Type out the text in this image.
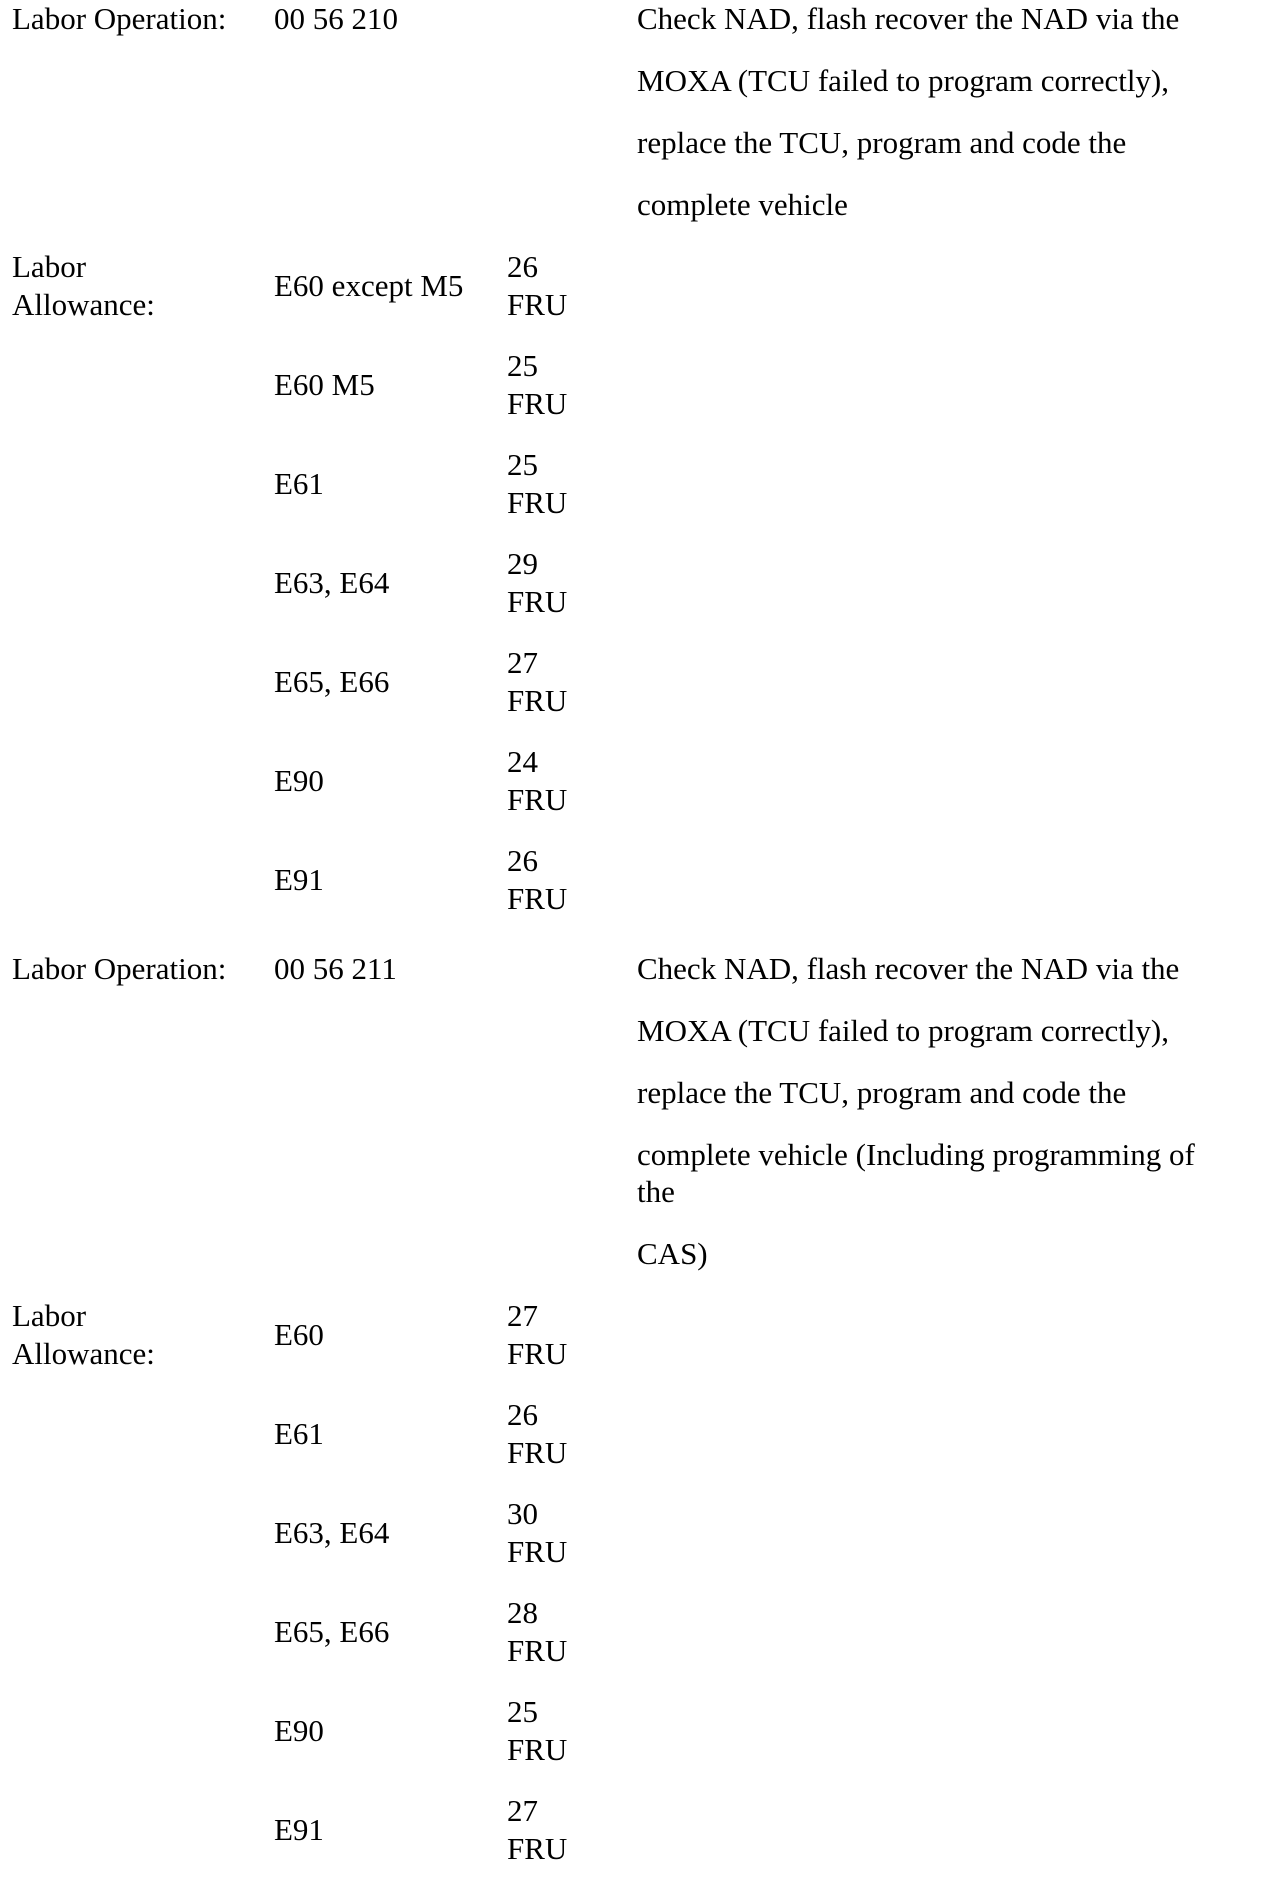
Labor Operation: 00 56 210	Check NAD, flash recover the NAD via the
MOXA (TCU failed to program correctly),
replace the TCU, program and code the
complete vehicle
Labor
Allowance:
E60 except M5
26
FRU
E60 M5
25
FRU
E61
25
FRU
E63, E64
29
FRU
E65, E66
27
FRU
E90
24
FRU
E91
26
FRU
Labor Operation: 00 56 211	Check NAD, flash recover the NAD via the
MOXA (TCU failed to program correctly),
replace the TCU, program and code the
complete vehicle (Including programming of
the
CAS)
Labor
Allowance:
E60
27
FRU
E61
26
FRU
E63, E64
30
FRU
E65, E66
28
FRU
E90
25
FRU
E91
27
FRU
